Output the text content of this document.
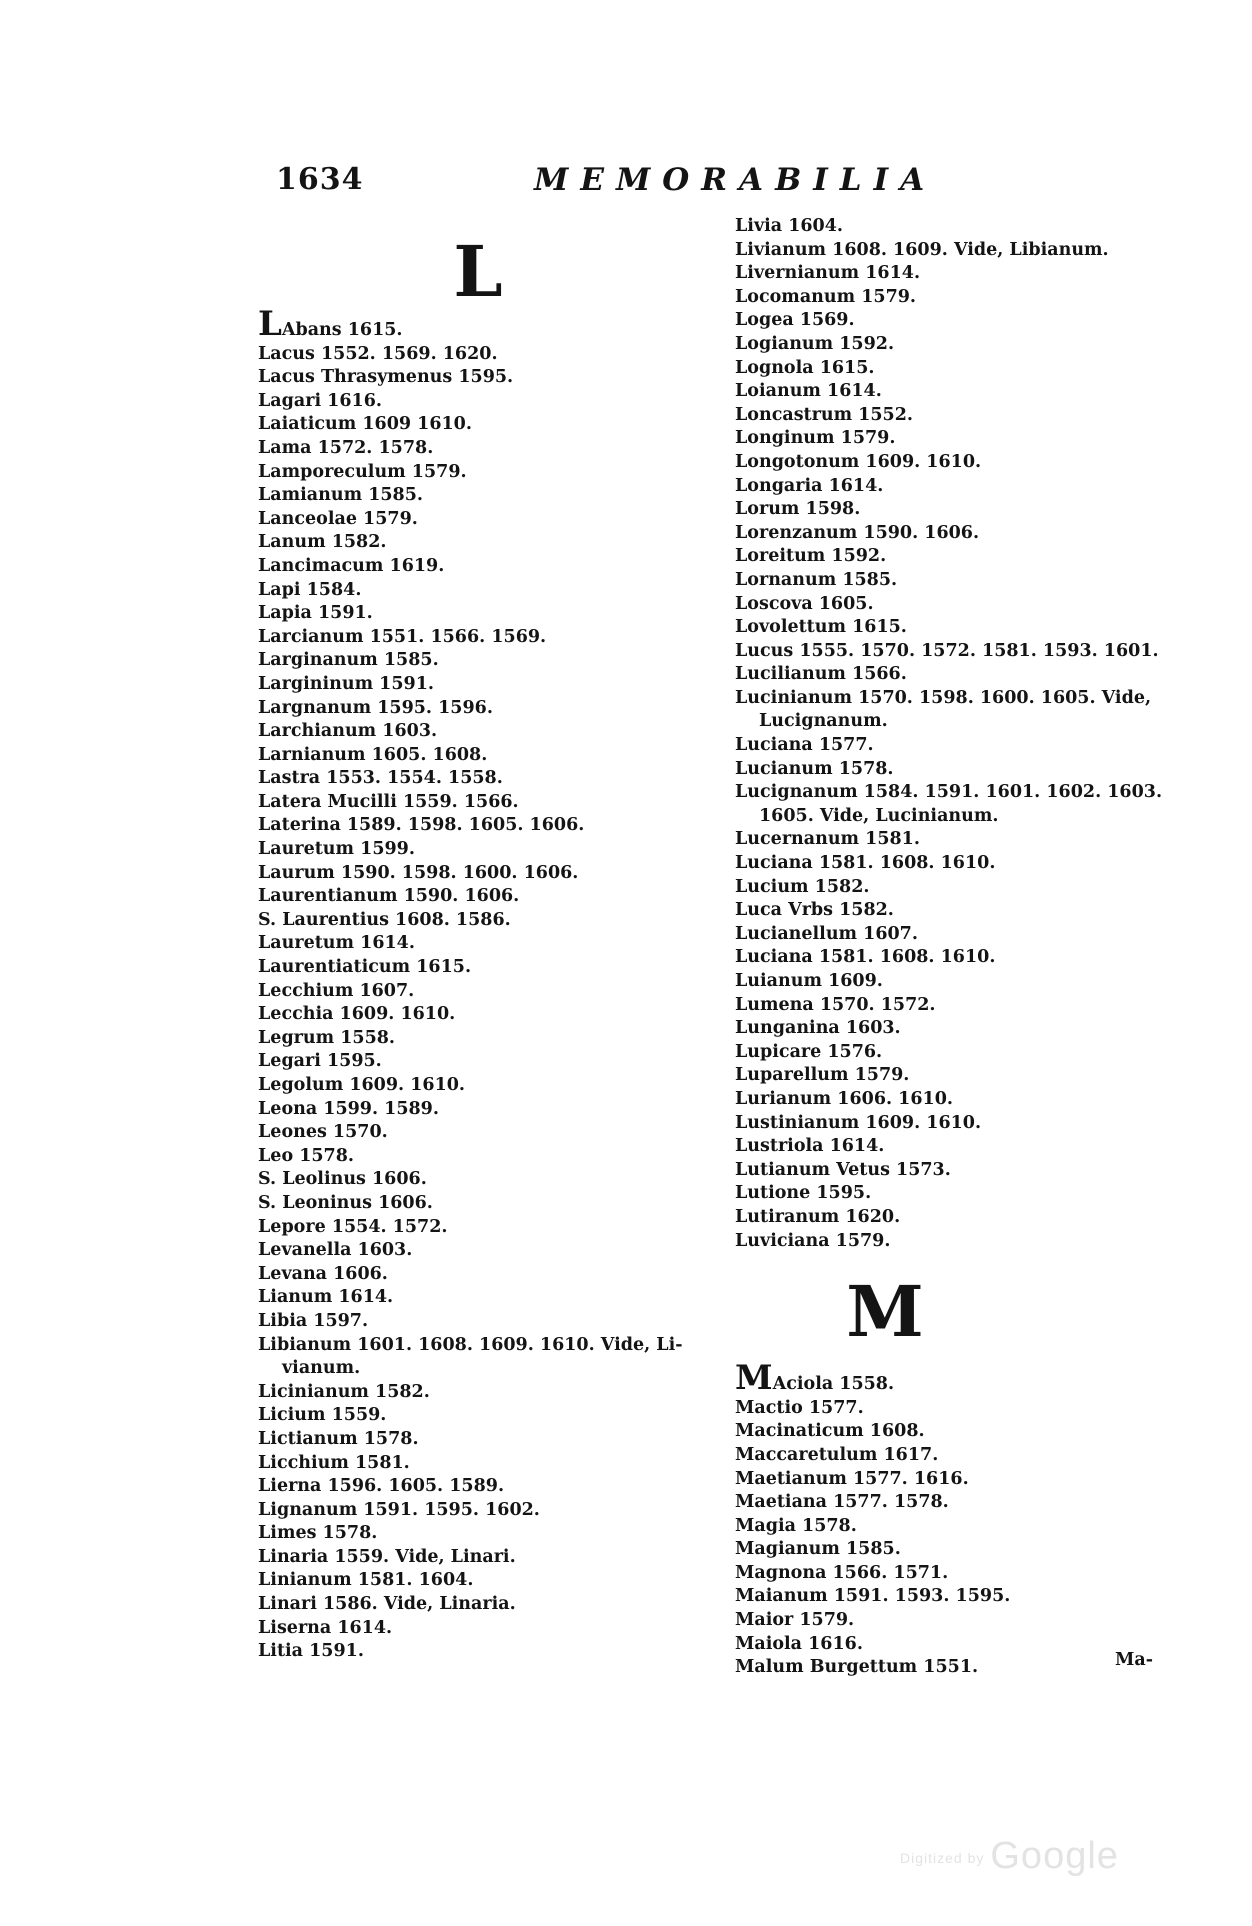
1634	MEMORABILIA
L
LAbans 1615.
Lacus 1552. 1569. 1620.
Lacus Thrasymenus 1595.
Lagari 1616.
Laiaticum 1609 1610.
Lama 1572. 1578.
Lamporeculum 1579.
Lamianum 1585.
Lanceolae 1579.
Lanum 1582.
Lancimacum 1619.
Lapi 1584.
Lapia 1591.
Larcianum 1551. 1566. 1569.
Larginanum 1585.
Largininum 1591.
Largnanum 1595. 1596.
Larchianum 1603.
Larnianum 1605. 1608.
Lastra 1553. 1554. 1558.
Latera Mucilli 1559. 1566.
Laterina 1589. 1598. 1605. 1606.
Lauretum 1599.
Laurum 1590. 1598. 1600. 1606.
Laurentianum 1590. 1606.
S. Laurentius 1608. 1586.
Lauretum 1614.
Laurentiaticum 1615.
Lecchium 1607.
Lecchia 1609. 1610.
Legrum 1558.
Legari 1595.
Legolum 1609. 1610.
Leona 1599. 1589.
Leones 1570.
Leo 1578.
S. Leolinus 1606.
S. Leoninus 1606.
Lepore 1554. 1572.
Levanella 1603.
Levana 1606.
Lianum 1614.
Libia 1597.
Libianum 1601. 1608. 1609. 1610. Vide, Li-
vianum.
Licinianum 1582.
Licium 1559.
Lictianum 1578.
Licchium 1581.
Lierna 1596. 1605. 1589.
Lignanum 1591. 1595. 1602.
Limes 1578.
Linaria 1559. Vide, Linari.
Linianum 1581. 1604.
Linari 1586. Vide, Linaria.
Liserna 1614.
Litia 1591.
Livia 1604.
Livianum 1608. 1609. Vide, Libianum.
Livernianum 1614.
Locomanum 1579.
Logea 1569.
Logianum 1592.
Lognola 1615.
Loianum 1614.
Loncastrum 1552.
Longinum 1579.
Longotonum 1609. 1610.
Longaria 1614.
Lorum 1598.
Lorenzanum 1590. 1606.
Loreitum 1592.
Lornanum 1585.
Loscova 1605.
Lovolettum 1615.
Lucus 1555. 1570. 1572. 1581. 1593. 1601.
Lucilianum 1566.
Lucinianum 1570. 1598. 1600. 1605. Vide,
Lucignanum.
Luciana 1577.
Lucianum 1578.
Lucignanum 1584. 1591. 1601. 1602. 1603.
1605. Vide, Lucinianum.
Lucernanum 1581.
Luciana 1581. 1608. 1610.
Lucium 1582.
Luca Vrbs 1582.
Lucianellum 1607.
Luciana 1581. 1608. 1610.
Luianum 1609.
Lumena 1570. 1572.
Lunganina 1603.
Lupicare 1576.
Luparellum 1579.
Lurianum 1606. 1610.
Lustinianum 1609. 1610.
Lustriola 1614.
Lutianum Vetus 1573.
Lutione 1595.
Lutiranum 1620.
Luviciana 1579.
M
MAciola 1558.
Mactio 1577.
Macinaticum 1608.
Maccaretulum 1617.
Maetianum 1577. 1616.
Maetiana 1577. 1578.
Magia 1578.
Magianum 1585.
Magnona 1566. 1571.
Maianum 1591. 1593. 1595.
Maior 1579.
Maiola 1616.
Malum Burgettum 1551.	Ma-
Digitized by Google
